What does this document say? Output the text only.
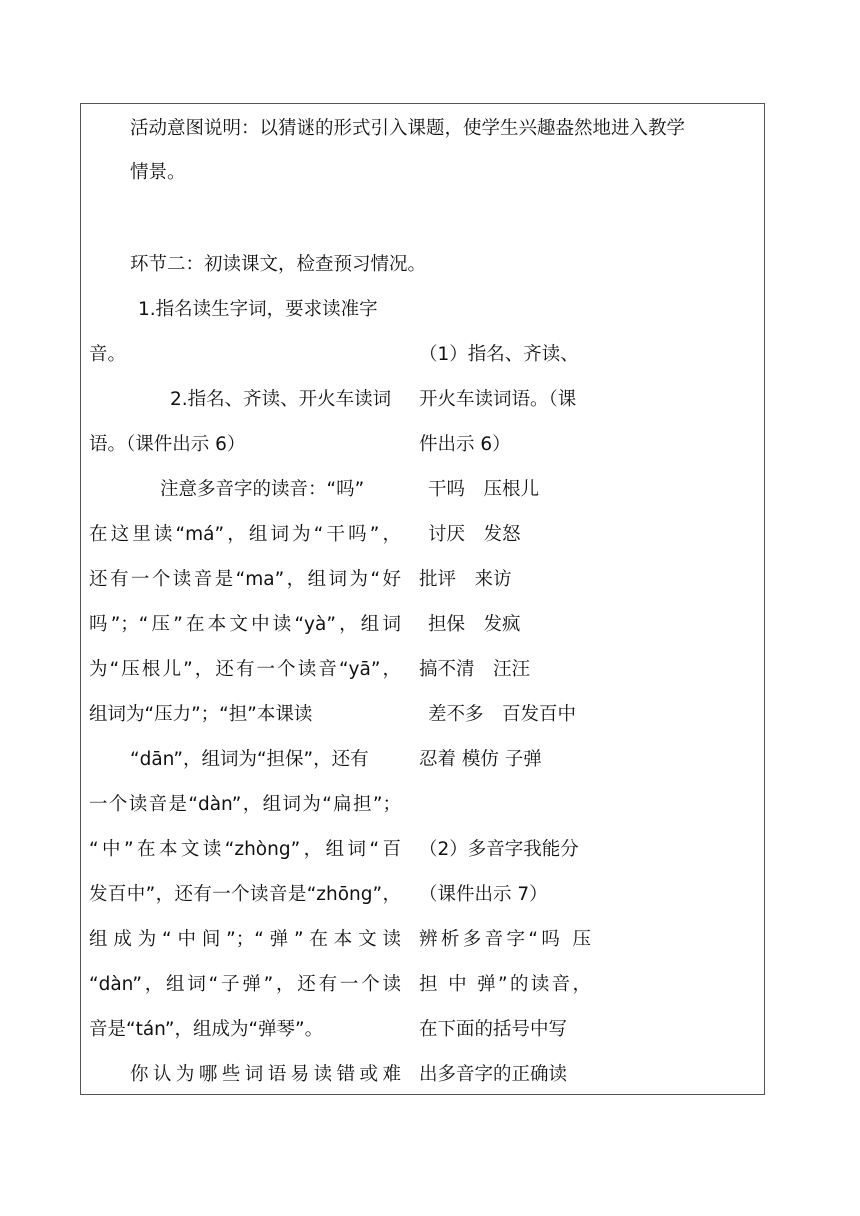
活动意图说明：以猜谜的形式引入课题，使学生兴趣盎然地进入教学
情景。
环节二：初读课文，检查预习情况。
1.指名读生字词，要求读准字
音。
2.指名、齐读、开火车读词
语。（课件出示 6）
注意多音字的读音：“吗”
在这里读“má”，组词为“干吗”，
还有一个读音是“ma”，组词为“好
吗”；“压”在本文中读“yà”，组词
为“压根儿”，还有一个读音“yā”，
组词为“压力”；“担”本课读
“dān”，组词为“担保”，还有
一个读音是“dàn”，组词为“扁担”；
“中”在本文读“zhòng”，组词“百
发百中”，还有一个读音是“zhōng”，
组成为“中间”；“弹”在本文读
“dàn”，组词“子弹”，还有一个读
音是“tán”，组成为“弹琴”。
你认为哪些词语易读错或难
（1）指名、齐读、
开火车读词语。（课
件出示 6）
干吗　压根儿
讨厌　发怒
批评　来访
担保　发疯
搞不清　汪汪
差不多　百发百中
忍着 模仿 子弹
（2）多音字我能分
（课件出示 7）
辨析多音字“吗 压
担 中 弹”的读音，
在下面的括号中写
出多音字的正确读
